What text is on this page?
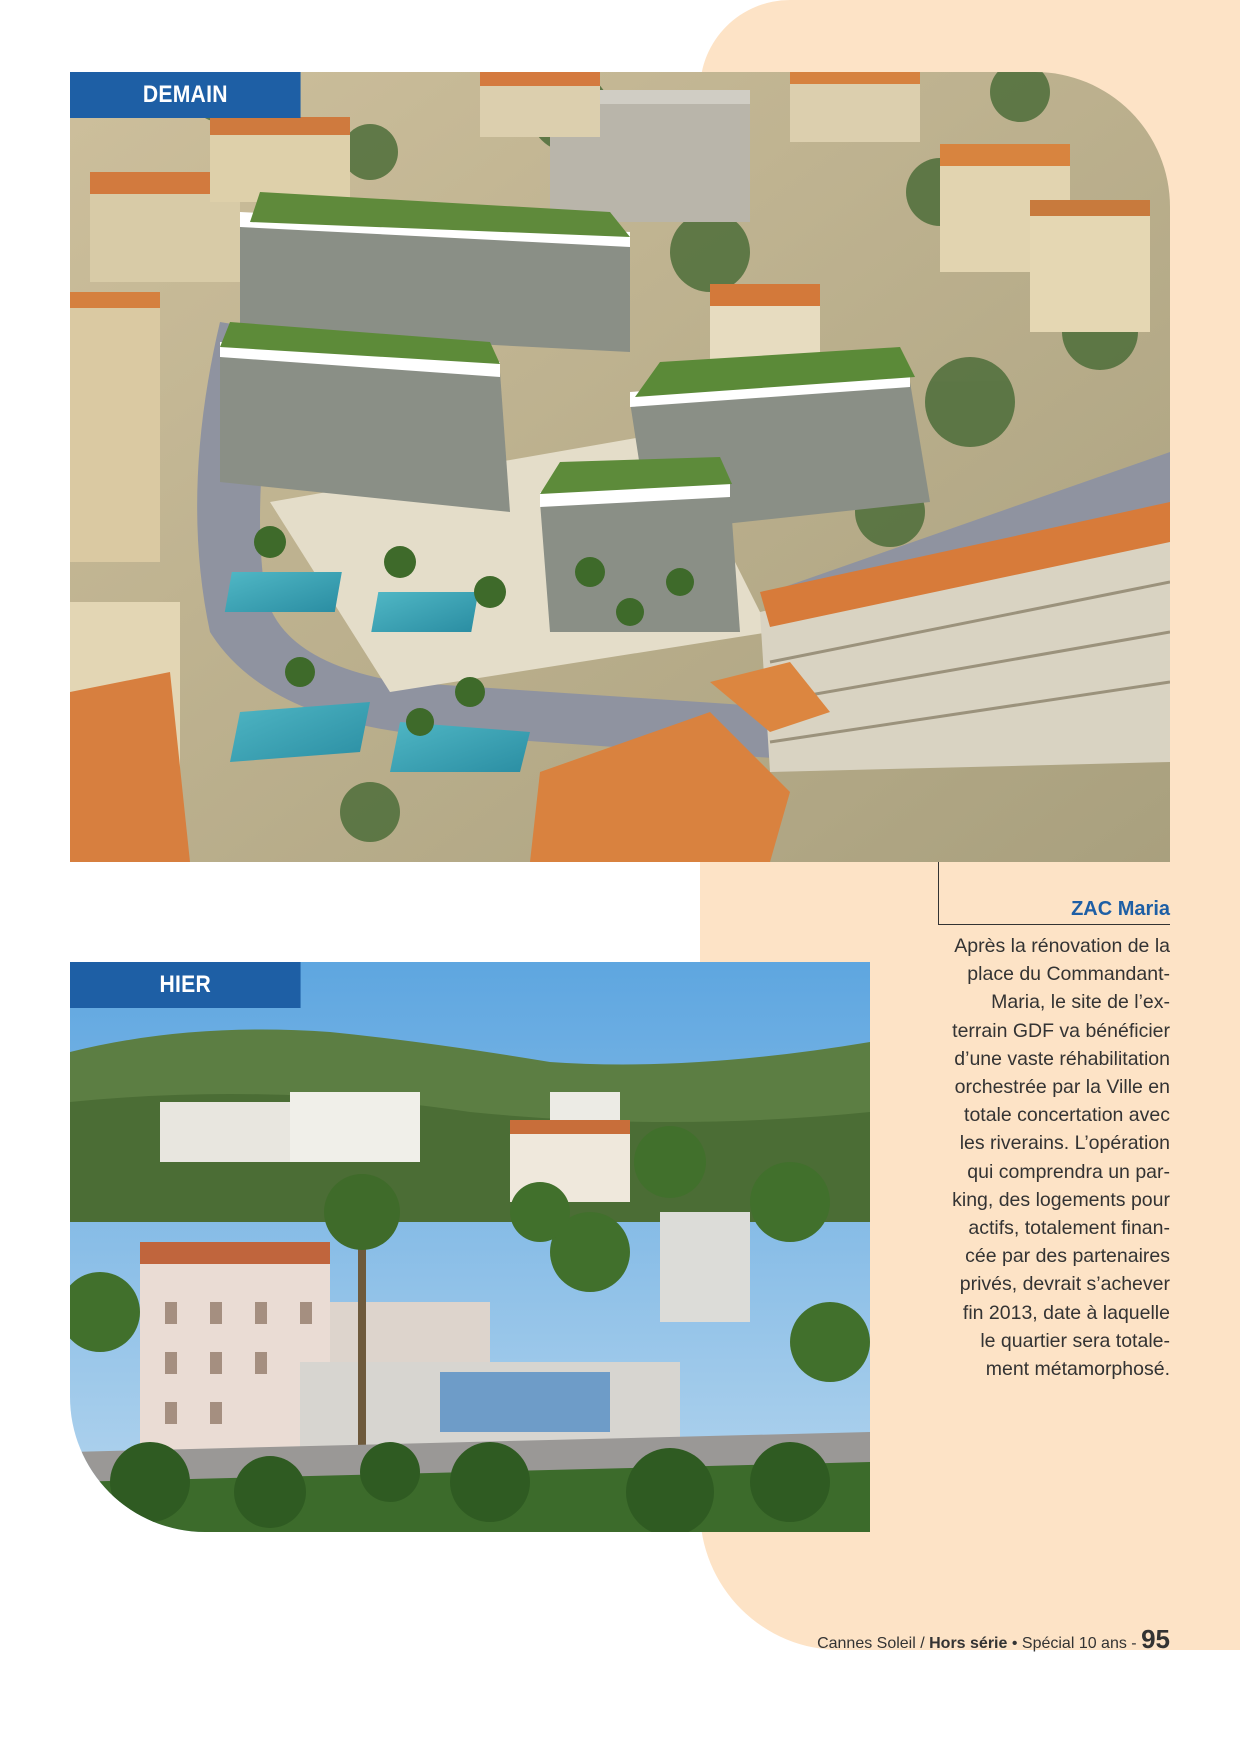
DEMAIN
HIER
ZAC Maria
Après la rénovation de la
place du Commandant-
Maria, le site de l’ex-
terrain GDF va bénéficier
d’une vaste réhabilitation
orchestrée par la Ville en
totale concertation avec
les riverains. L’opération
qui comprendra un par-
king, des logements pour
actifs, totalement finan-
cée par des partenaires
privés, devrait s’achever
fin 2013, date à laquelle
le quartier sera totale-
ment métamorphosé.
Cannes Soleil / Hors série • Spécial 10 ans - 95
